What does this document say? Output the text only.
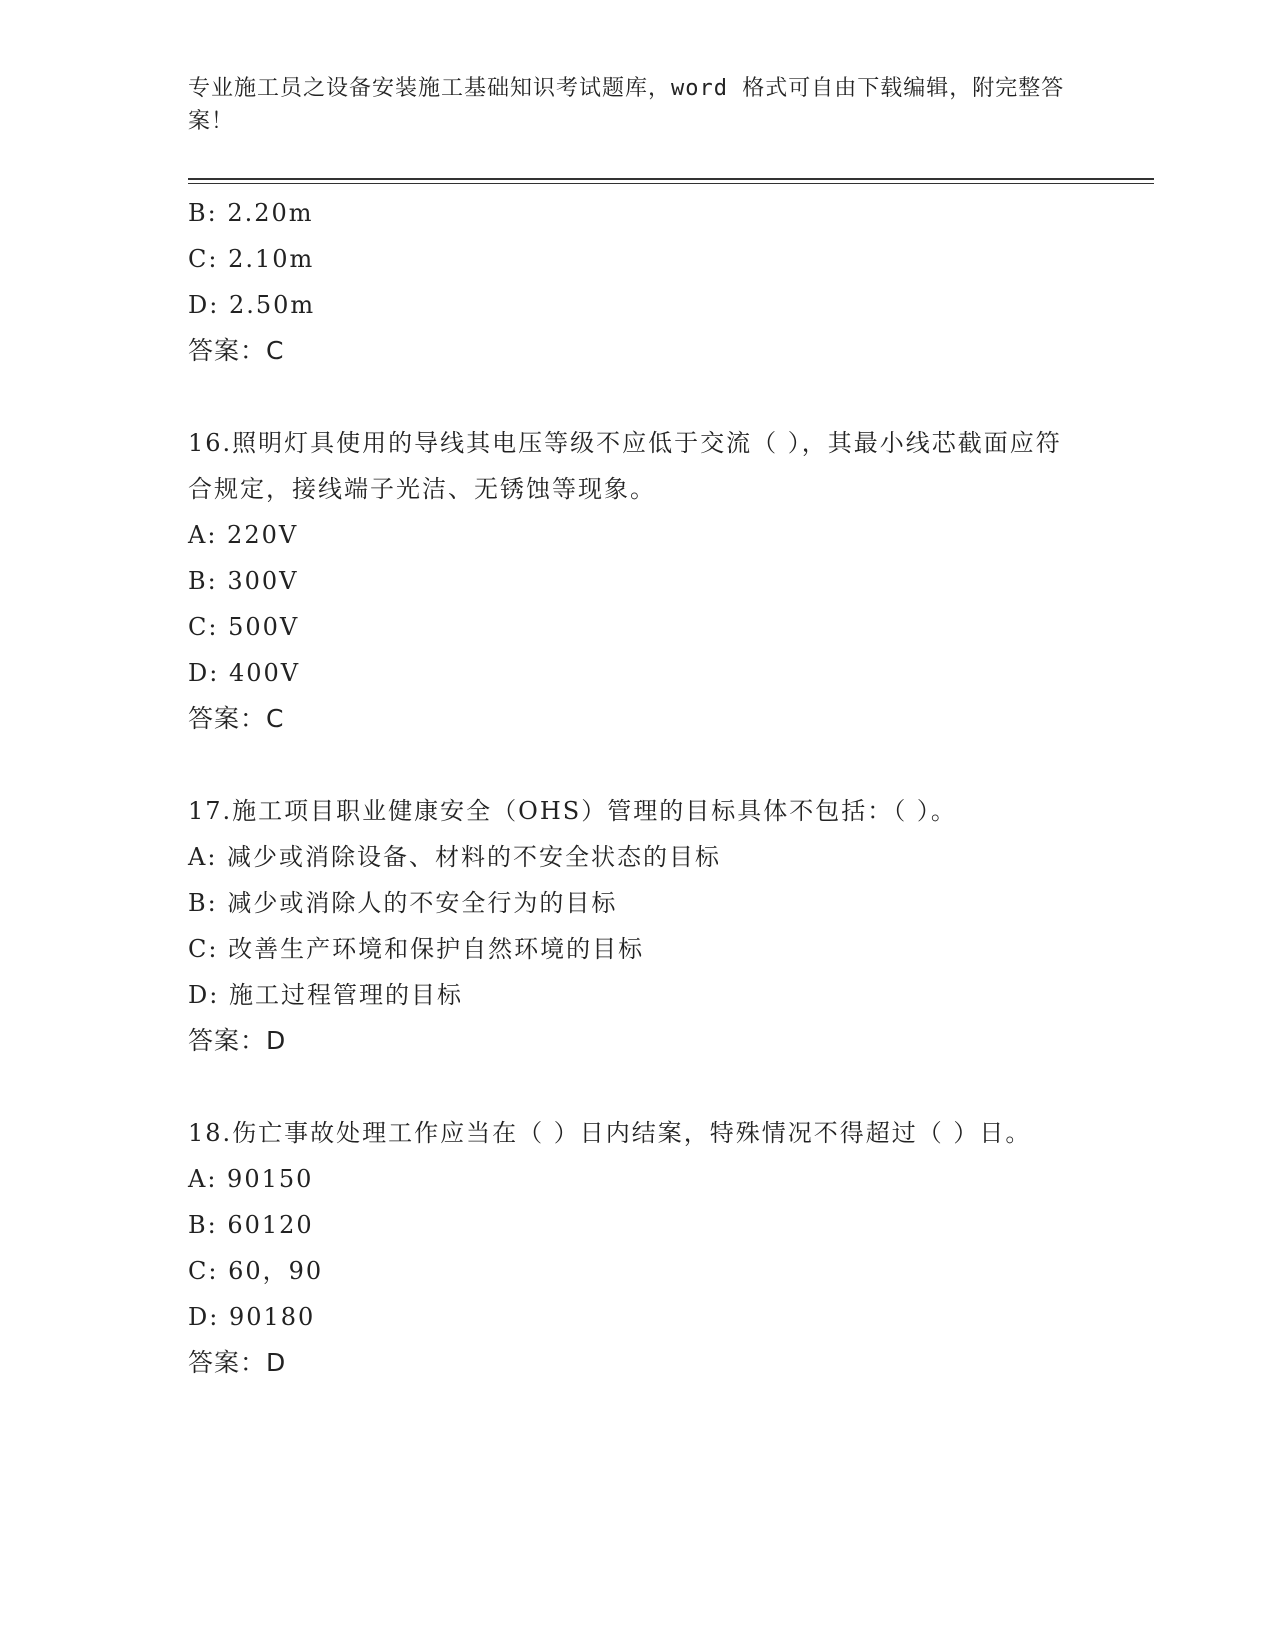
专业施工员之设备安装施工基础知识考试题库，word 格式可自由下载编辑，附完整答案！
B: 2.20m
C: 2.10m
D: 2.50m
答案：C
16.照明灯具使用的导线其电压等级不应低于交流（ ），其最小线芯截面应符合规定，接线端子光洁、无锈蚀等现象。
A: 220V
B: 300V
C: 500V
D: 400V
答案：C
17.施工项目职业健康安全（OHS）管理的目标具体不包括：（ ）。
A: 减少或消除设备、材料的不安全状态的目标
B: 减少或消除人的不安全行为的目标
C: 改善生产环境和保护自然环境的目标
D: 施工过程管理的目标
答案：D
18.伤亡事故处理工作应当在（ ）日内结案，特殊情况不得超过（ ）日。
A: 90150
B: 60120
C: 60，90
D: 90180
答案：D
